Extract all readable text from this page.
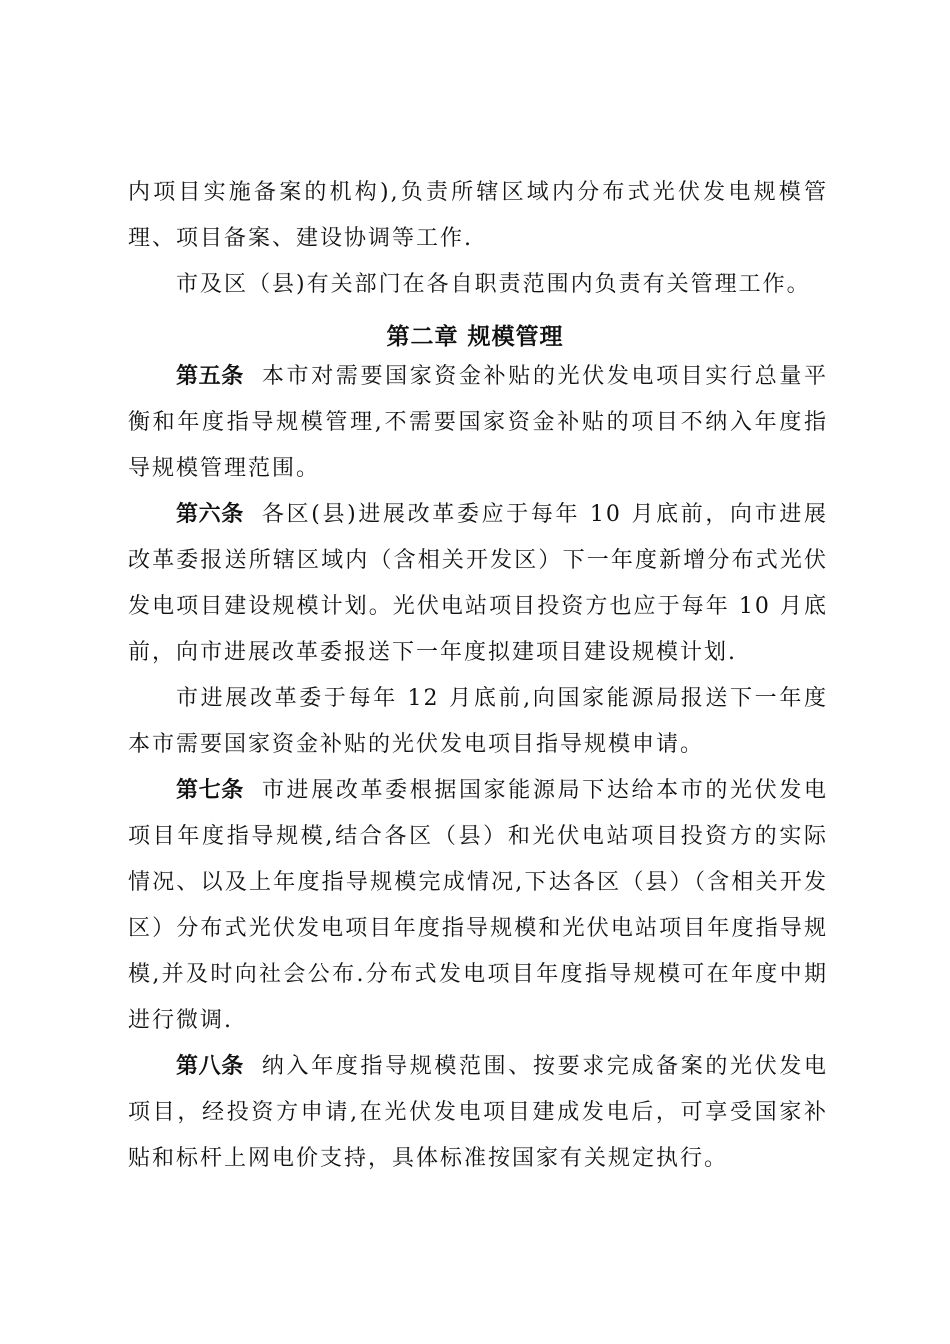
内项目实施备案的机构),负责所辖区域内分布式光伏发电规模管理、项目备案、建设协调等工作.

市及区（县)有关部门在各自职责范围内负责有关管理工作。

第二章 规模管理

第五条 本市对需要国家资金补贴的光伏发电项目实行总量平衡和年度指导规模管理,不需要国家资金补贴的项目不纳入年度指导规模管理范围。

第六条 各区(县)进展改革委应于每年 10 月底前，向市进展改革委报送所辖区域内（含相关开发区）下一年度新增分布式光伏发电项目建设规模计划。光伏电站项目投资方也应于每年 10 月底前，向市进展改革委报送下一年度拟建项目建设规模计划.

市进展改革委于每年 12 月底前,向国家能源局报送下一年度本市需要国家资金补贴的光伏发电项目指导规模申请。

第七条 市进展改革委根据国家能源局下达给本市的光伏发电项目年度指导规模,结合各区（县）和光伏电站项目投资方的实际情况、以及上年度指导规模完成情况,下达各区（县）（含相关开发区）分布式光伏发电项目年度指导规模和光伏电站项目年度指导规模,并及时向社会公布.分布式发电项目年度指导规模可在年度中期进行微调.

第八条 纳入年度指导规模范围、按要求完成备案的光伏发电项目，经投资方申请,在光伏发电项目建成发电后，可享受国家补贴和标杆上网电价支持，具体标准按国家有关规定执行。
